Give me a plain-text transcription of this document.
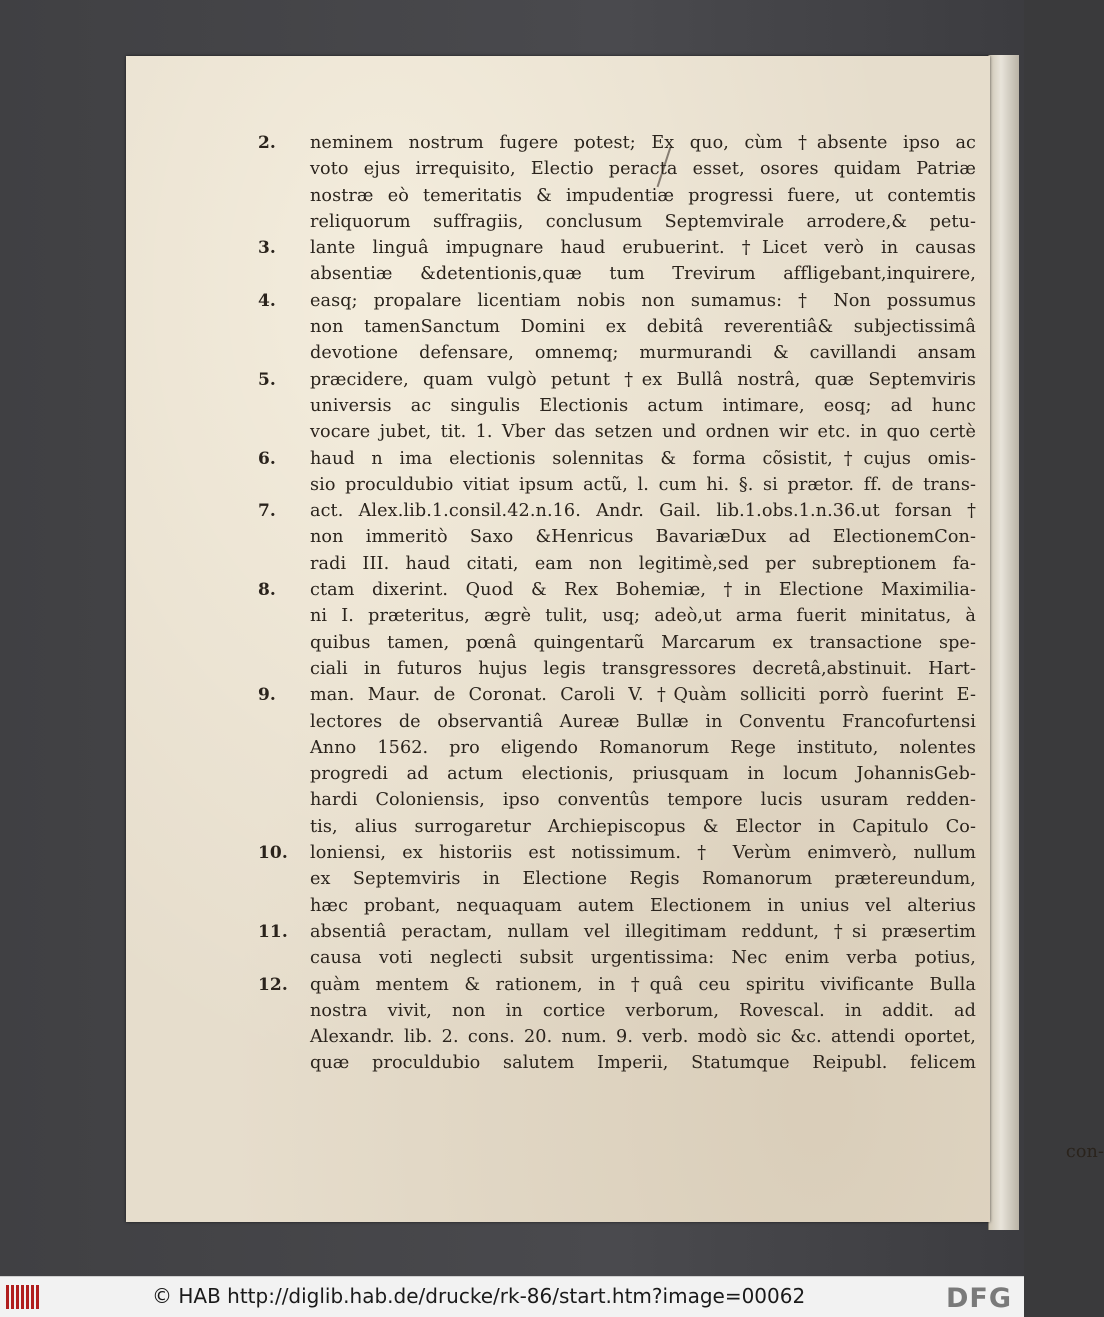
neminem nostrum fugere potest; Ex quo, cùm †absente ipso ac
2.
voto ejus irrequisito, Electio peracta esset, osores quidam Patriæ
nostræ eò temeritatis & impudentiæ progressi fuere, ut contemtis
reliquorum suffragiis, conclusum Septemvirale arrodere,& petu-
lante linguâ impugnare haud erubuerint. †Licet verò in causas
3.
absentiæ &detentionis,quæ tum Trevirum affligebant,inquirere,
easq; propalare licentiam nobis non sumamus: † Non possumus
4.
non tamenSanctum Domini ex debitâ reverentiâ& subjectissimâ
devotione defensare, omnemq; murmurandi & cavillandi ansam
præcidere, quam vulgò petunt †ex Bullâ nostrâ, quæ Septemviris
5.
universis ac singulis Electionis actum intimare, eosq; ad hunc
vocare jubet, tit. 1. Vber das setzen und ordnen wir etc. in quo certè
haud n ima electionis solennitas & forma cõsistit,†cujus omis-
6.
sio proculdubio vitiat ipsum actũ, l. cum hi. §. si prætor. ff. de trans-
act. Alex.lib.1.consil.42.n.16. Andr. Gail. lib.1.obs.1.n.36.ut forsan †
7.
non immeritò Saxo &Henricus BavariæDux ad ElectionemCon-
radi III. haud citati, eam non legitimè,sed per subreptionem fa-
ctam dixerint. Quod & Rex Bohemiæ, †in Electione Maximilia-
8.
ni I. præteritus, ægrè tulit, usq; adeò,ut arma fuerit minitatus, à
quibus tamen, pœnâ quingentarũ Marcarum ex transactione spe-
ciali in futuros hujus legis transgressores decretâ,abstinuit. Hart-
man. Maur. de Coronat. Caroli V. †Quàm solliciti porrò fuerint E-
9.
lectores de observantiâ Aureæ Bullæ in Conventu Francofurtensi
Anno 1562. pro eligendo Romanorum Rege instituto, nolentes
progredi ad actum electionis, priusquam in locum JohannisGeb-
hardi Coloniensis, ipso conventûs tempore lucis usuram redden-
tis, alius surrogaretur Archiepiscopus & Elector in Capitulo Co-
loniensi, ex historiis est notissimum. † Verùm enimverò, nullum
10.
ex Septemviris in Electione Regis Romanorum prætereundum,
hæc probant, nequaquam autem Electionem in unius vel alterius
absentiâ peractam, nullam vel illegitimam reddunt, †si præsertim
11.
causa voti neglecti subsit urgentissima: Nec enim verba potius,
quàm mentem & rationem, in †quâ ceu spiritu vivificante Bulla
12.
nostra vivit, non in cortice verborum, Rovescal. in addit. ad
Alexandr. lib. 2. cons. 20. num. 9. verb. modò sic &c. attendi oportet,
quæ proculdubio salutem Imperii, Statumque Reipubl. felicem
con-
© HAB http://diglib.hab.de/drucke/rk-86/start.htm?image=00062	DFG
